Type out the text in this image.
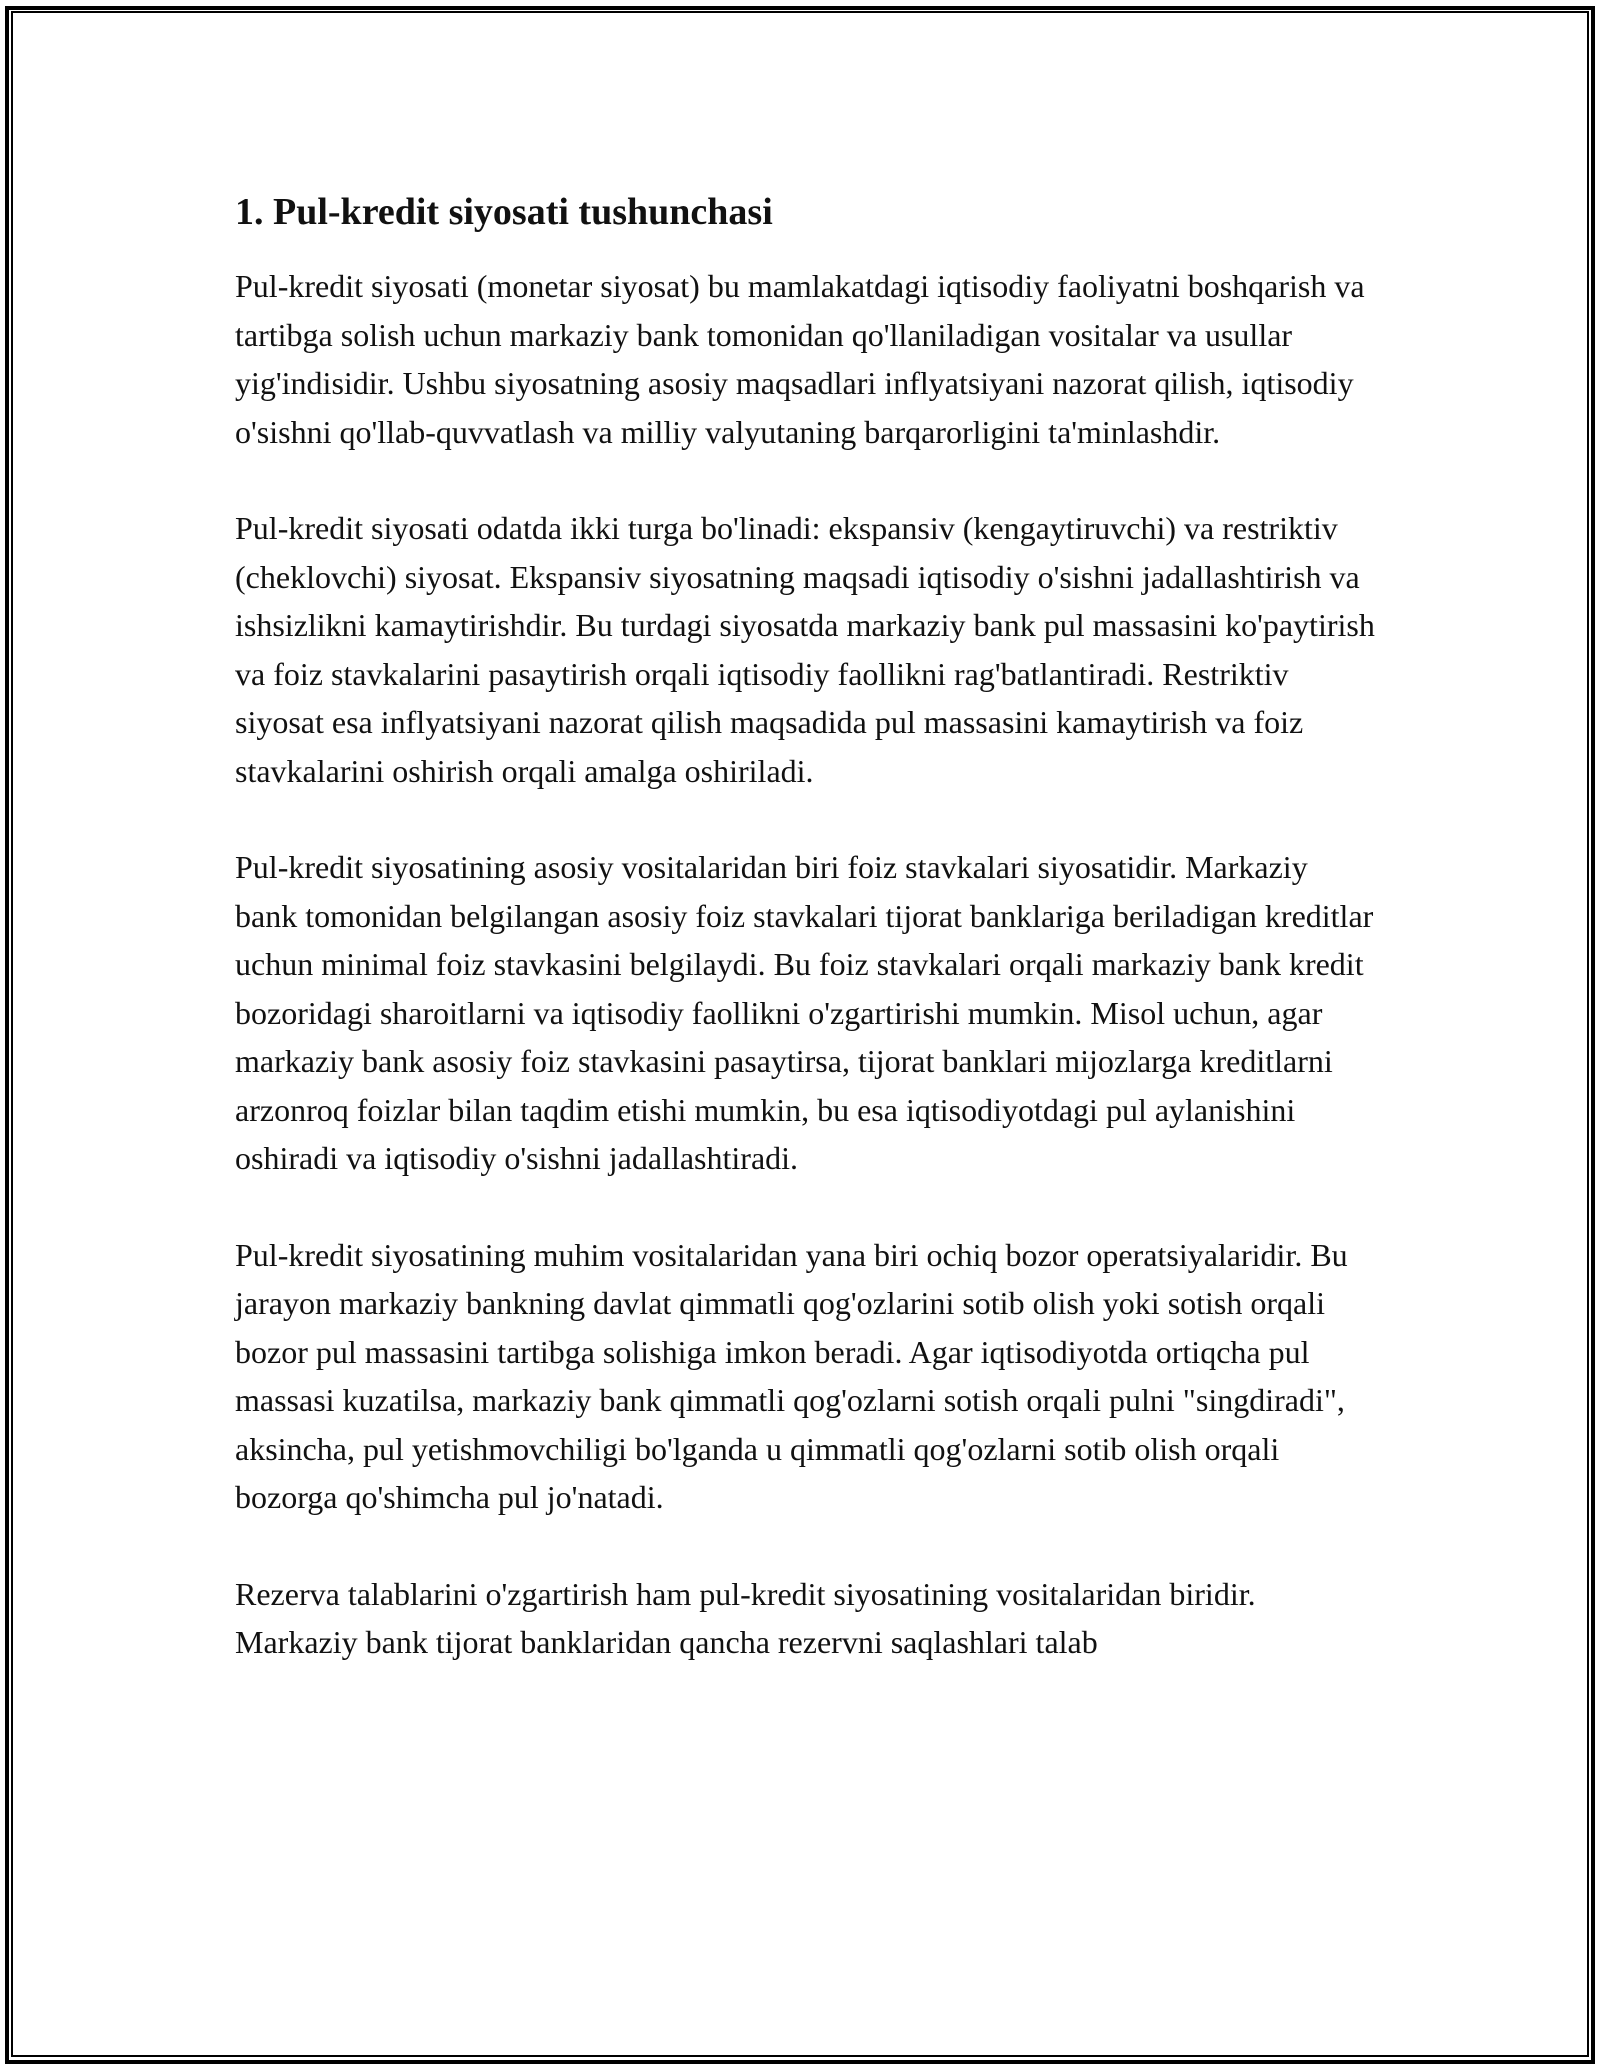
1. Pul-kredit siyosati tushunchasi

Pul-kredit siyosati (monetar siyosat) bu mamlakatdagi iqtisodiy faoliyatni boshqarish va tartibga solish uchun markaziy bank tomonidan qo'llaniladigan vositalar va usullar yig'indisidir. Ushbu siyosatning asosiy maqsadlari inflyatsiyani nazorat qilish, iqtisodiy o'sishni qo'llab-quvvatlash va milliy valyutaning barqarorligini ta'minlashdir.

Pul-kredit siyosati odatda ikki turga bo'linadi: ekspansiv (kengaytiruvchi) va restriktiv (cheklovchi) siyosat. Ekspansiv siyosatning maqsadi iqtisodiy o'sishni jadallashtirish va ishsizlikni kamaytirishdir. Bu turdagi siyosatda markaziy bank pul massasini ko'paytirish va foiz stavkalarini pasaytirish orqali iqtisodiy faollikni rag'batlantiradi. Restriktiv siyosat esa inflyatsiyani nazorat qilish maqsadida pul massasini kamaytirish va foiz stavkalarini oshirish orqali amalga oshiriladi.

Pul-kredit siyosatining asosiy vositalaridan biri foiz stavkalari siyosatidir. Markaziy bank tomonidan belgilangan asosiy foiz stavkalari tijorat banklariga beriladigan kreditlar uchun minimal foiz stavkasini belgilaydi. Bu foiz stavkalari orqali markaziy bank kredit bozoridagi sharoitlarni va iqtisodiy faollikni o'zgartirishi mumkin. Misol uchun, agar markaziy bank asosiy foiz stavkasini pasaytirsa, tijorat banklari mijozlarga kreditlarni arzonroq foizlar bilan taqdim etishi mumkin, bu esa iqtisodiyotdagi pul aylanishini oshiradi va iqtisodiy o'sishni jadallashtiradi.

Pul-kredit siyosatining muhim vositalaridan yana biri ochiq bozor operatsiyalaridir. Bu jarayon markaziy bankning davlat qimmatli qog'ozlarini sotib olish yoki sotish orqali bozor pul massasini tartibga solishiga imkon beradi. Agar iqtisodiyotda ortiqcha pul massasi kuzatilsa, markaziy bank qimmatli qog'ozlarni sotish orqali pulni "singdiradi", aksincha, pul yetishmovchiligi bo'lganda u qimmatli qog'ozlarni sotib olish orqali bozorga qo'shimcha pul jo'natadi.

Rezerva talablarini o'zgartirish ham pul-kredit siyosatining vositalaridan biridir. Markaziy bank tijorat banklaridan qancha rezervni saqlashlari talab
